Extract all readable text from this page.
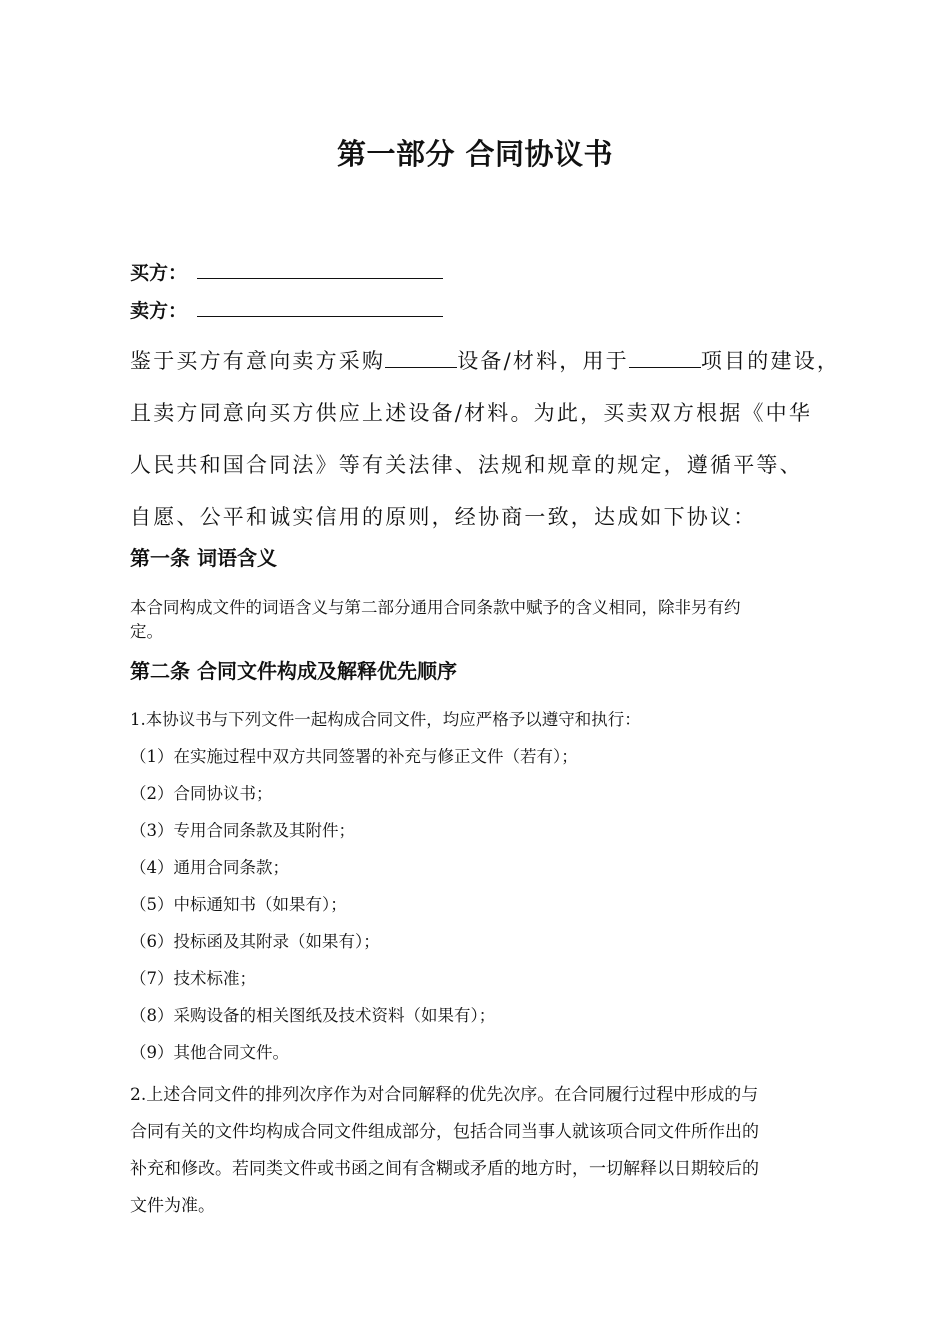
第一部分 合同协议书
买方：
卖方：
鉴于买方有意向卖方采购	设备/材料，用于	项目的建设，
且卖方同意向买方供应上述设备/材料。为此，买卖双方根据《中华
人民共和国合同法》等有关法律、法规和规章的规定，遵循平等、
自愿、公平和诚实信用的原则，经协商一致，达成如下协议：
第一条 词语含义
本合同构成文件的词语含义与第二部分通用合同条款中赋予的含义相同，除非另有约
定。
第二条 合同文件构成及解释优先顺序
1.本协议书与下列文件一起构成合同文件，均应严格予以遵守和执行：
（1）在实施过程中双方共同签署的补充与修正文件（若有）；
（2）合同协议书；
（3）专用合同条款及其附件；
（4）通用合同条款；
（5）中标通知书（如果有）；
（6）投标函及其附录（如果有）；
（7）技术标准；
（8）采购设备的相关图纸及技术资料（如果有）；
（9）其他合同文件。
2.上述合同文件的排列次序作为对合同解释的优先次序。在合同履行过程中形成的与
合同有关的文件均构成合同文件组成部分，包括合同当事人就该项合同文件所作出的
补充和修改。若同类文件或书函之间有含糊或矛盾的地方时，一切解释以日期较后的
文件为准。
